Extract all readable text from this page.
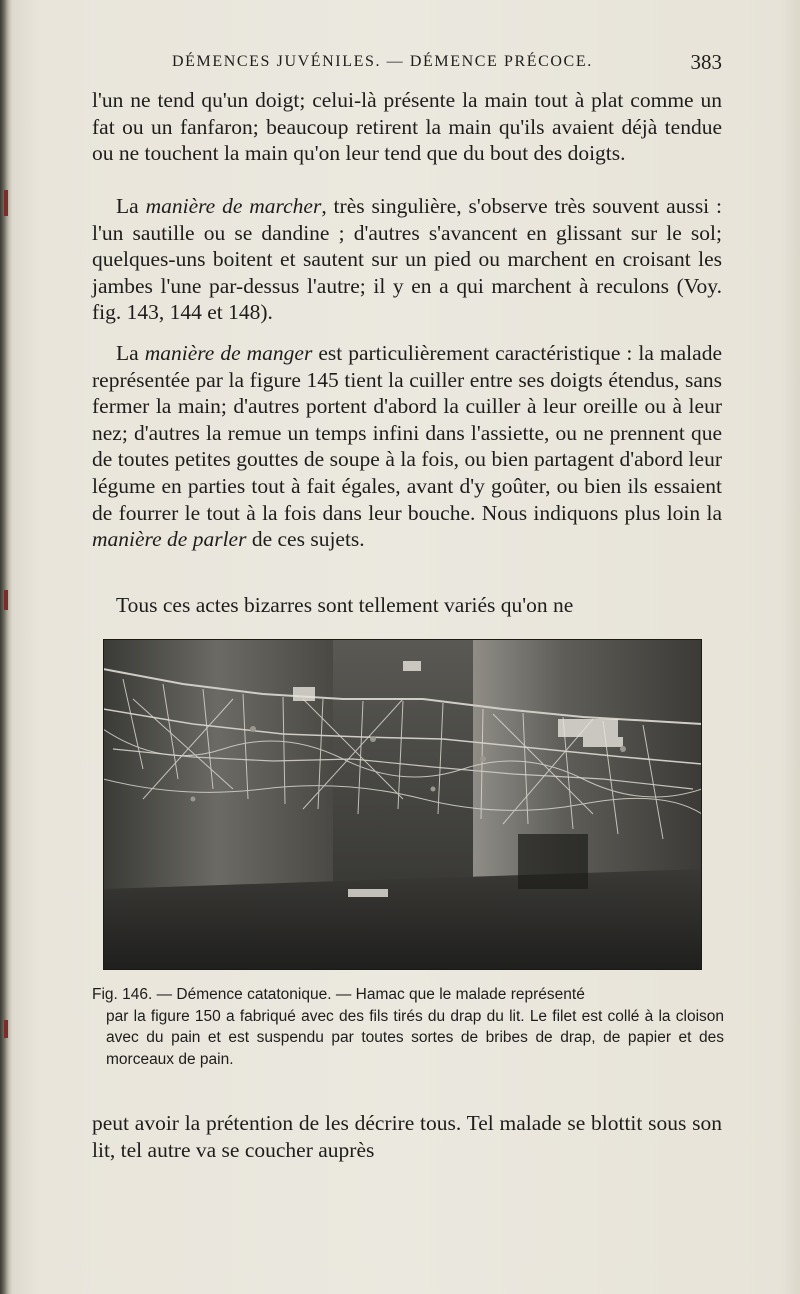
DÉMENCES JUVÉNILES. — DÉMENCE PRÉCOCE.	383

l'un ne tend qu'un doigt; celui-là présente la main tout à plat comme un fat ou un fanfaron; beaucoup retirent la main qu'ils avaient déjà tendue ou ne touchent la main qu'on leur tend que du bout des doigts.

La manière de marcher, très singulière, s'observe très souvent aussi : l'un sautille ou se dandine ; d'autres s'avancent en glissant sur le sol; quelques-uns boitent et sautent sur un pied ou marchent en croisant les jambes l'une par-dessus l'autre; il y en a qui marchent à reculons (Voy. fig. 143, 144 et 148).

La manière de manger est particulièrement caractéristique : la malade représentée par la figure 145 tient la cuiller entre ses doigts étendus, sans fermer la main; d'autres portent d'abord la cuiller à leur oreille ou à leur nez; d'autres la remue un temps infini dans l'assiette, ou ne prennent que de toutes petites gouttes de soupe à la fois, ou bien partagent d'abord leur légume en parties tout à fait égales, avant d'y goûter, ou bien ils essaient de fourrer le tout à la fois dans leur bouche. Nous indiquons plus loin la manière de parler de ces sujets.

Tous ces actes bizarres sont tellement variés qu'on ne

Fig. 146. — Démence catatonique. — Hamac que le malade représenté
par la figure 150 a fabriqué avec des fils tirés du drap du lit. Le filet est collé à la cloison avec du pain et est suspendu par toutes sortes de bribes de drap, de papier et des morceaux de pain.

peut avoir la prétention de les décrire tous. Tel malade se blottit sous son lit, tel autre va se coucher auprès
